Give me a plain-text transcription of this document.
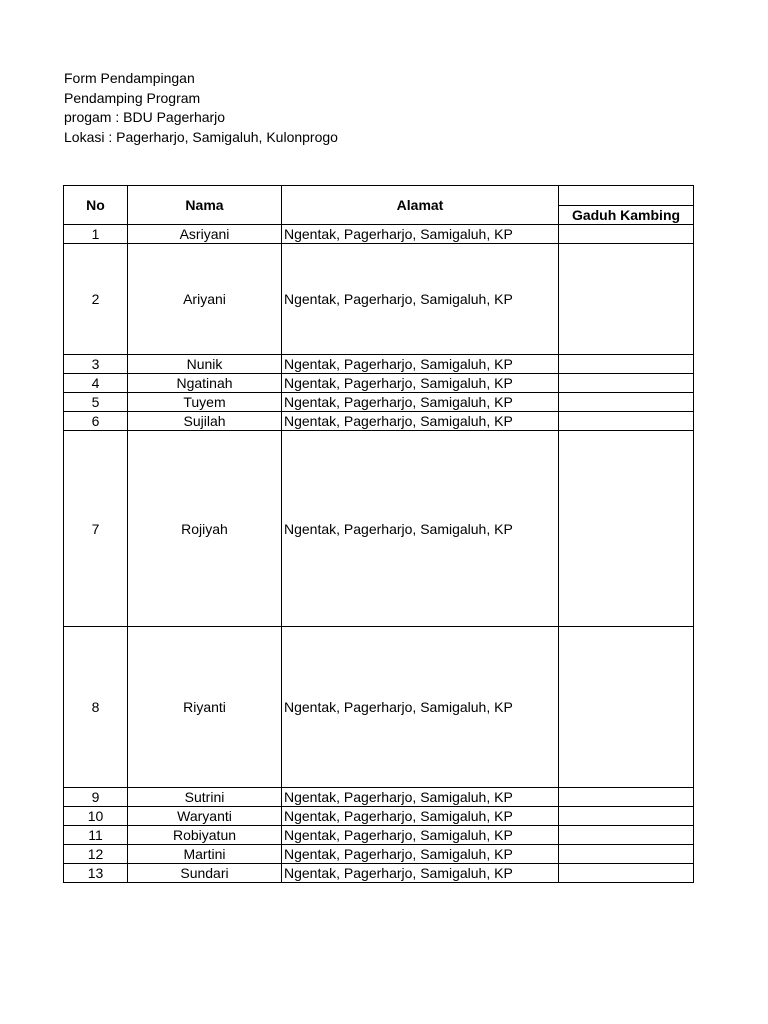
Form Pendampingan
Pendamping Program
progam : BDU Pagerharjo
Lokasi : Pagerharjo, Samigaluh, Kulonprogo
No	Nama	Alamat	
			Gaduh Kambing
1	Asriyani	Ngentak, Pagerharjo, Samigaluh, KP	
2	Ariyani	Ngentak, Pagerharjo, Samigaluh, KP	
3	Nunik	Ngentak, Pagerharjo, Samigaluh, KP	
4	Ngatinah	Ngentak, Pagerharjo, Samigaluh, KP	
5	Tuyem	Ngentak, Pagerharjo, Samigaluh, KP	
6	Sujilah	Ngentak, Pagerharjo, Samigaluh, KP	
7	Rojiyah	Ngentak, Pagerharjo, Samigaluh, KP	
8	Riyanti	Ngentak, Pagerharjo, Samigaluh, KP	
9	Sutrini	Ngentak, Pagerharjo, Samigaluh, KP	
10	Waryanti	Ngentak, Pagerharjo, Samigaluh, KP	
11	Robiyatun	Ngentak, Pagerharjo, Samigaluh, KP	
12	Martini	Ngentak, Pagerharjo, Samigaluh, KP	
13	Sundari	Ngentak, Pagerharjo, Samigaluh, KP	
